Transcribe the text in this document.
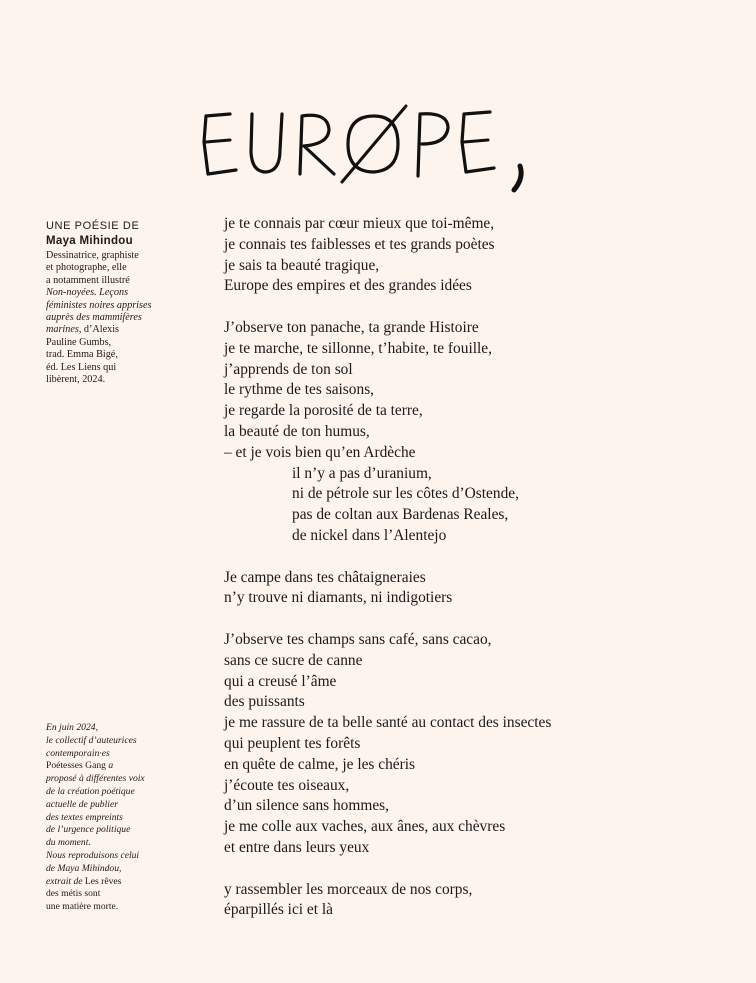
UNE POÉSIE DE
Maya Mihindou
Dessinatrice, graphiste
et photographe, elle
a notamment illustré
Non-noyées. Leçons
féministes noires apprises
auprès des mammifères
marines, d’Alexis
Pauline Gumbs,
trad. Emma Bigé,
éd. Les Liens qui
libèrent, 2024.
En juin 2024,
le collectif d’auteurices
contemporain·es
Poétesses Gang a
proposé à différentes voix
de la création poétique
actuelle de publier
des textes empreints
de l’urgence politique
du moment.
Nous reproduisons celui
de Maya Mihindou,
extrait de Les rêves
des métis sont
une matière morte.
je te connais par cœur mieux que toi-même,
je connais tes faiblesses et tes grands poètes
je sais ta beauté tragique,
Europe des empires et des grandes idées
J’observe ton panache, ta grande Histoire
je te marche, te sillonne, t’habite, te fouille,
j’apprends de ton sol
le rythme de tes saisons,
je regarde la porosité de ta terre,
la beauté de ton humus,
– et je vois bien qu’en Ardèche
il n’y a pas d’uranium,
ni de pétrole sur les côtes d’Ostende,
pas de coltan aux Bardenas Reales,
de nickel dans l’Alentejo
Je campe dans tes châtaigneraies
n’y trouve ni diamants, ni indigotiers
J’observe tes champs sans café, sans cacao,
sans ce sucre de canne
qui a creusé l’âme
des puissants
je me rassure de ta belle santé au contact des insectes
qui peuplent tes forêts
en quête de calme, je les chéris
j’écoute tes oiseaux,
d’un silence sans hommes,
je me colle aux vaches, aux ânes, aux chèvres
et entre dans leurs yeux
y rassembler les morceaux de nos corps,
éparpillés ici et là
